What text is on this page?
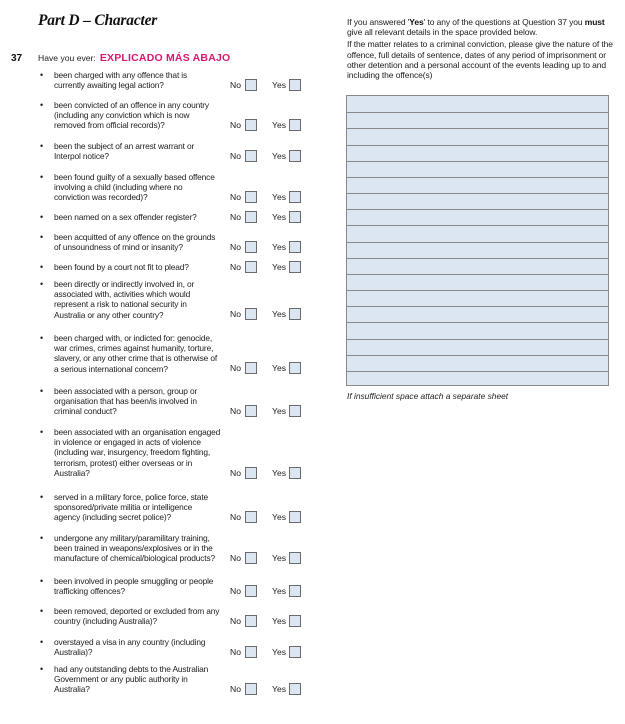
Part D – Character
37 Have you ever: EXPLICADO MÁS ABAJO
• been charged with any offence that is
currently awaiting legal action?	No	Yes
• been convicted of an offence in any country
(including any conviction which is now
removed from official records)?	No	Yes
• been the subject of an arrest warrant or
Interpol notice?	No	Yes
• been found guilty of a sexually based offence
involving a child (including where no
conviction was recorded)?	No	Yes
• been named on a sex offender register?	No	Yes
• been acquitted of any offence on the grounds
of unsoundness of mind or insanity?	No	Yes
• been found by a court not fit to plead?	No	Yes
• been directly or indirectly involved in, or
associated with, activities which would
represent a risk to national security in
Australia or any other country?	No	Yes
• been charged with, or indicted for: genocide,
war crimes, crimes against humanity, torture,
slavery, or any other crime that is otherwise of
a serious international concern?	No	Yes
• been associated with a person, group or
organisation that has been/is involved in
criminal conduct?	No	Yes
• been associated with an organisation engaged
in violence or engaged in acts of violence
(including war, insurgency, freedom fighting,
terrorism, protest) either overseas or in
Australia?	No	Yes
• served in a military force, police force, state
sponsored/private militia or intelligence
agency (including secret police)?	No	Yes
• undergone any military/paramilitary training,
been trained in weapons/explosives or in the
manufacture of chemical/biological products?	No	Yes
• been involved in people smuggling or people
trafficking offences?	No	Yes
• been removed, deported or excluded from any
country (including Australia)?	No	Yes
• overstayed a visa in any country (including
Australia)?	No	Yes
• had any outstanding debts to the Australian
Government or any public authority in
Australia?	No	Yes

If you answered 'Yes' to any of the questions at Question 37 you must give all relevant details in the space provided below.

If the matter relates to a criminal conviction, please give the nature of the offence, full details of sentence, dates of any period of imprisonment or other detention and a personal account of the events leading up to and including the offence(s)

If insufficient space attach a separate sheet
